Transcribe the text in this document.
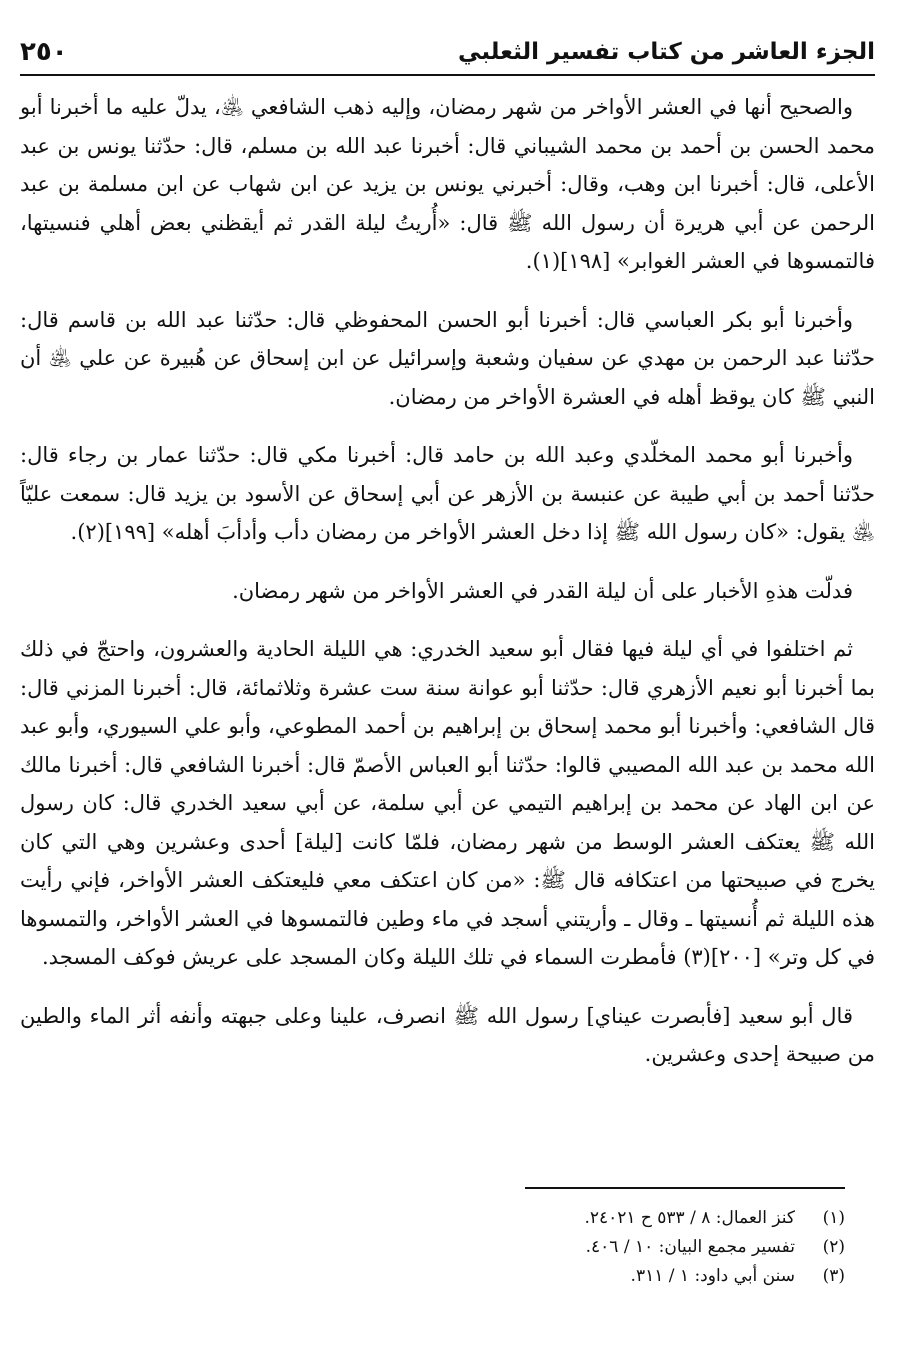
الجزء العاشر من كتاب تفسير الثعلبي
٢٥٠

والصحيح أنها في العشر الأواخر من شهر رمضان، وإليه ذهب الشافعي ﵁، يدلّ عليه ما أخبرنا أبو محمد الحسن بن أحمد بن محمد الشيباني قال: أخبرنا عبد الله بن مسلم، قال: حدّثنا يونس بن عبد الأعلى، قال: أخبرنا ابن وهب، وقال: أخبرني يونس بن يزيد عن ابن شهاب عن ابن مسلمة بن عبد الرحمن عن أبي هريرة أن رسول الله ﷺ قال: «أُريتُ ليلة القدر ثم أيقظني بعض أهلي فنسيتها، فالتمسوها في العشر الغوابر» [١٩٨](١).

وأخبرنا أبو بكر العباسي قال: أخبرنا أبو الحسن المحفوظي قال: حدّثنا عبد الله بن قاسم قال: حدّثنا عبد الرحمن بن مهدي عن سفيان وشعبة وإسرائيل عن ابن إسحاق عن هُبيرة عن علي ﵁ أن النبي ﷺ كان يوقظ أهله في العشرة الأواخر من رمضان.

وأخبرنا أبو محمد المخلّدي وعبد الله بن حامد قال: أخبرنا مكي قال: حدّثنا عمار بن رجاء قال: حدّثنا أحمد بن أبي طيبة عن عنبسة بن الأزهر عن أبي إسحاق عن الأسود بن يزيد قال: سمعت عليّاً ﵁ يقول: «كان رسول الله ﷺ إذا دخل العشر الأواخر من رمضان دأب وأدأبَ أهله» [١٩٩](٢).

فدلّت هذهِ الأخبار على أن ليلة القدر في العشر الأواخر من شهر رمضان.

ثم اختلفوا في أي ليلة فيها فقال أبو سعيد الخدري: هي الليلة الحادية والعشرون، واحتجّ في ذلك بما أخبرنا أبو نعيم الأزهري قال: حدّثنا أبو عوانة سنة ست عشرة وثلاثمائة، قال: أخبرنا المزني قال: قال الشافعي: وأخبرنا أبو محمد إسحاق بن إبراهيم بن أحمد المطوعي، وأبو علي السيوري، وأبو عبد الله محمد بن عبد الله المصيبي قالوا: حدّثنا أبو العباس الأصمّ قال: أخبرنا الشافعي قال: أخبرنا مالك عن ابن الهاد عن محمد بن إبراهيم التيمي عن أبي سلمة، عن أبي سعيد الخدري قال: كان رسول الله ﷺ يعتكف العشر الوسط من شهر رمضان، فلمّا كانت [ليلة] أحدى وعشرين وهي التي كان يخرج في صبيحتها من اعتكافه قال ﷺ: «من كان اعتكف معي فليعتكف العشر الأواخر، فإني رأيت هذه الليلة ثم أُنسيتها ـ وقال ـ وأريتني أسجد في ماء وطين فالتمسوها في العشر الأواخر، والتمسوها في كل وتر» [٢٠٠](٣) فأمطرت السماء في تلك الليلة وكان المسجد على عريش فوكف المسجد.

قال أبو سعيد [فأبصرت عيناي] رسول الله ﷺ انصرف، علينا وعلى جبهته وأنفه أثر الماء والطين من صبيحة إحدى وعشرين.

(١)
كنز العمال: ٨ / ٥٣٣ ح ٢٤٠٢١.
(٢)
تفسير مجمع البيان: ١٠ / ٤٠٦.
(٣)
سنن أبي داود: ١ / ٣١١.
